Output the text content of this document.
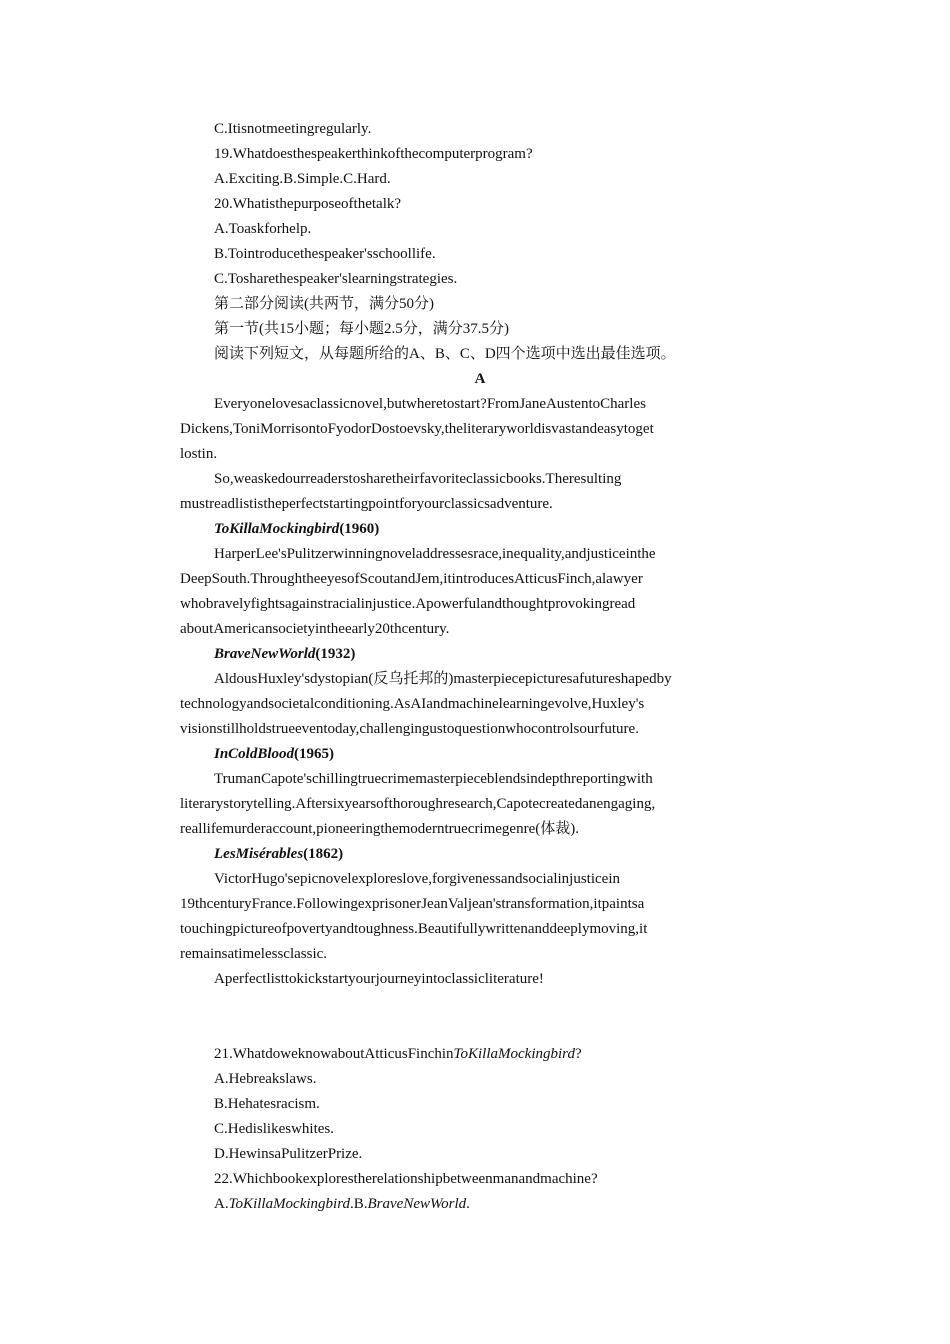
C.Itisnotmeetingregularly.
19.Whatdoesthespeakerthinkofthecomputerprogram?
A.Exciting.B.Simple.C.Hard.
20.Whatisthepurposeofthetalk?
A.Toaskforhelp.
B.Tointroducethespeaker'sschoollife.
C.Tosharethespeaker'slearningstrategies.
第二部分阅读(共两节，满分50分)
第一节(共15小题；每小题2.5分，满分37.5分)
阅读下列短文，从每题所给的A、B、C、D四个选项中选出最佳选项。
A
Everyonelovesaclassicnovel,butwheretostart?FromJaneAustentoCharles
Dickens,ToniMorrisontoFyodorDostoevsky,theliteraryworldisvastandeasytoget
lostin.
So,weaskedourreaderstosharetheirfavoriteclassicbooks.Theresulting
mustreadlististheperfectstartingpointforyourclassicsadventure.
ToKillaMockingbird(1960)
HarperLee'sPulitzerwinningnoveladdressesrace,inequality,andjusticeinthe
DeepSouth.ThroughtheeyesofScoutandJem,itintroducesAtticusFinch,alawyer
whobravelyfightsagainstracialinjustice.Apowerfulandthoughtprovokingread
aboutAmericansocietyintheearly20thcentury.
BraveNewWorld(1932)
AldousHuxley'sdystopian(反乌托邦的)masterpiecepicturesafutureshapedby
technologyandsocietalconditioning.AsAIandmachinelearningevolve,Huxley's
visionstillholdstrueeventoday,challengingustoquestionwhocontrolsourfuture.
InColdBlood(1965)
TrumanCapote'schillingtruecrimemasterpieceblendsindepthreportingwith
literarystorytelling.Aftersixyearsofthoroughresearch,Capotecreatedanengaging,
reallifemurderaccount,pioneeringthemoderntruecrimegenre(体裁).
LesMisérables(1862)
VictorHugo'sepicnovelexploreslove,forgivenessandsocialinjusticein
19thcenturyFrance.FollowingexprisonerJeanValjean'stransformation,itpaintsa
touchingpictureofpovertyandtoughness.Beautifullywrittenanddeeplymoving,it
remainsatimelessclassic.
Aperfectlisttokickstartyourjourneyintoclassicliterature!
21.WhatdoweknowaboutAtticusFinchinToKillaMockingbird?
A.Hebreakslaws.
B.Hehatesracism.
C.Hedislikeswhites.
D.HewinsaPulitzerPrize.
22.Whichbookexplorestherelationshipbetweenmanandmachine?
A.ToKillaMockingbird.B.BraveNewWorld.
